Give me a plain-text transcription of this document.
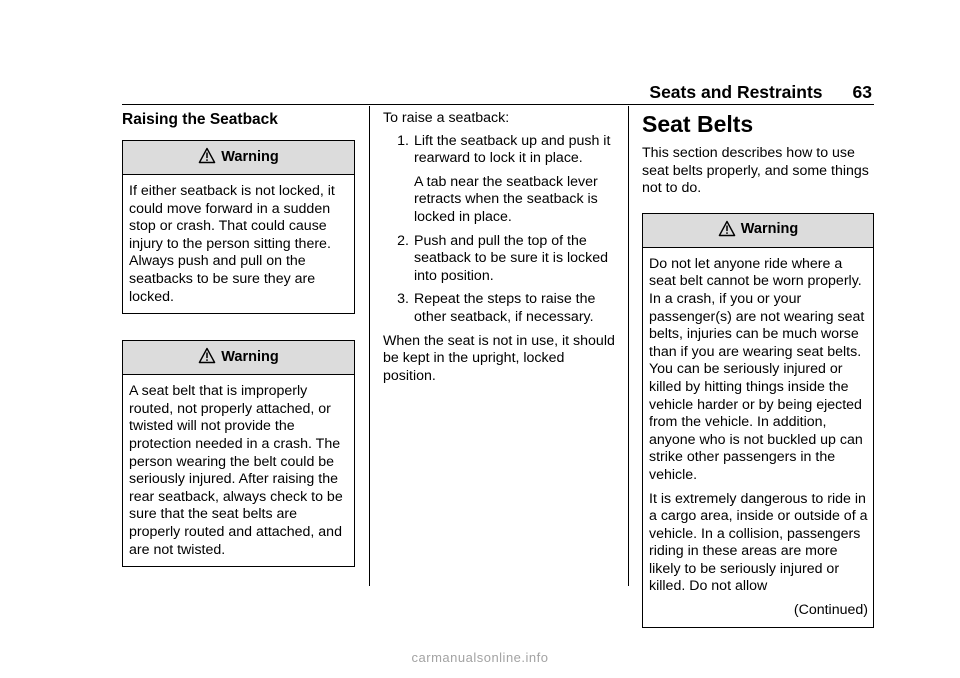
Seats and Restraints 63
Raising the Seatback
Warning

If either seatback is not locked, it could move forward in a sudden stop or crash. That could cause injury to the person sitting there. Always push and pull on the seatbacks to be sure they are locked.

Warning

A seat belt that is improperly routed, not properly attached, or twisted will not provide the protection needed in a crash. The person wearing the belt could be seriously injured. After raising the rear seatback, always check to be sure that the seat belts are properly routed and attached, and are not twisted.

To raise a seatback:

1. Lift the seatback up and push it rearward to lock it in place.

A tab near the seatback lever retracts when the seatback is locked in place.

2. Push and pull the top of the seatback to be sure it is locked into position.

3. Repeat the steps to raise the other seatback, if necessary.

When the seat is not in use, it should be kept in the upright, locked position.

Seat Belts

This section describes how to use seat belts properly, and some things not to do.

Warning

Do not let anyone ride where a seat belt cannot be worn properly. In a crash, if you or your passenger(s) are not wearing seat belts, injuries can be much worse than if you are wearing seat belts. You can be seriously injured or killed by hitting things inside the vehicle harder or by being ejected from the vehicle. In addition, anyone who is not buckled up can strike other passengers in the vehicle.

It is extremely dangerous to ride in a cargo area, inside or outside of a vehicle. In a collision, passengers riding in these areas are more likely to be seriously injured or killed. Do not allow

(Continued)

carmanualsonline.info
